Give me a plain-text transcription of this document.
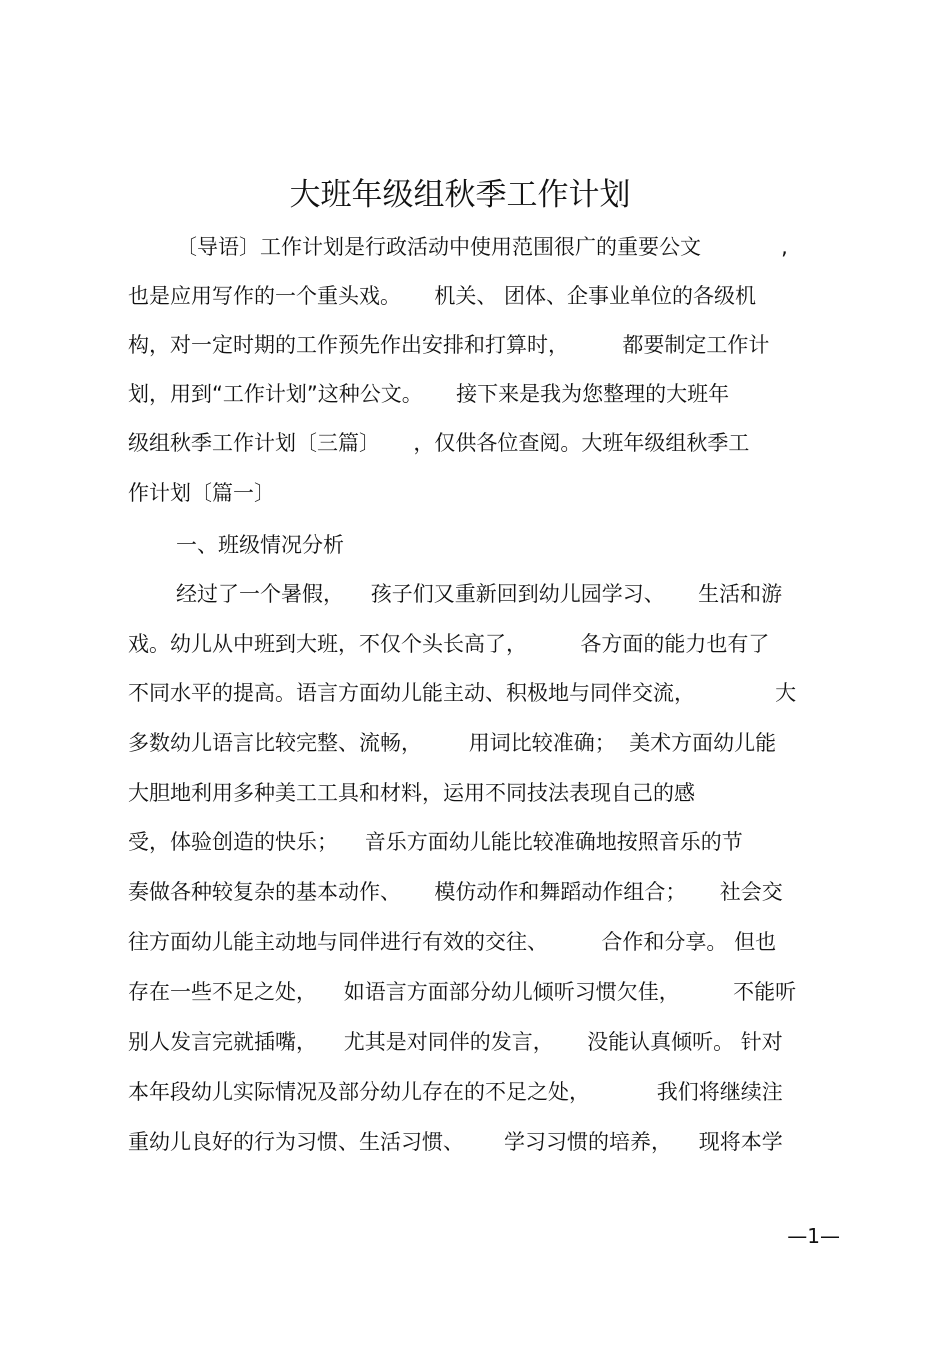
大班年级组秋季工作计划
〔导语〕工作计划是行政活动中使用范围很广的重要公文            ,
也是应用写作的一个重头戏。     机关、 团体、企事业单位的各级机
构，对一定时期的工作预先作出安排和打算时，        都要制定工作计
划，用到“工作计划”这种公文。     接下来是我为您整理的大班年
级组秋季工作计划〔三篇〕     ，仅供各位查阅。大班年级组秋季工
作计划〔篇一〕
一、班级情况分析
经过了一个暑假，    孩子们又重新回到幼儿园学习、     生活和游
戏。幼儿从中班到大班，不仅个头长高了，        各方面的能力也有了
不同水平的提高。语言方面幼儿能主动、积极地与同伴交流，            大
多数幼儿语言比较完整、流畅，       用词比较准确；  美术方面幼儿能
大胆地利用多种美工工具和材料，运用不同技法表现自己的感
受，体验创造的快乐；    音乐方面幼儿能比较准确地按照音乐的节
奏做各种较复杂的基本动作、     模仿动作和舞蹈动作组合；     社会交
往方面幼儿能主动地与同伴进行有效的交往、        合作和分享。 但也
存在一些不足之处，    如语言方面部分幼儿倾听习惯欠佳，        不能听
别人发言完就插嘴，    尤其是对同伴的发言，     没能认真倾听。 针对
本年段幼儿实际情况及部分幼儿存在的不足之处，          我们将继续注
重幼儿良好的行为习惯、生活习惯、      学习习惯的培养，    现将本学
—1—
